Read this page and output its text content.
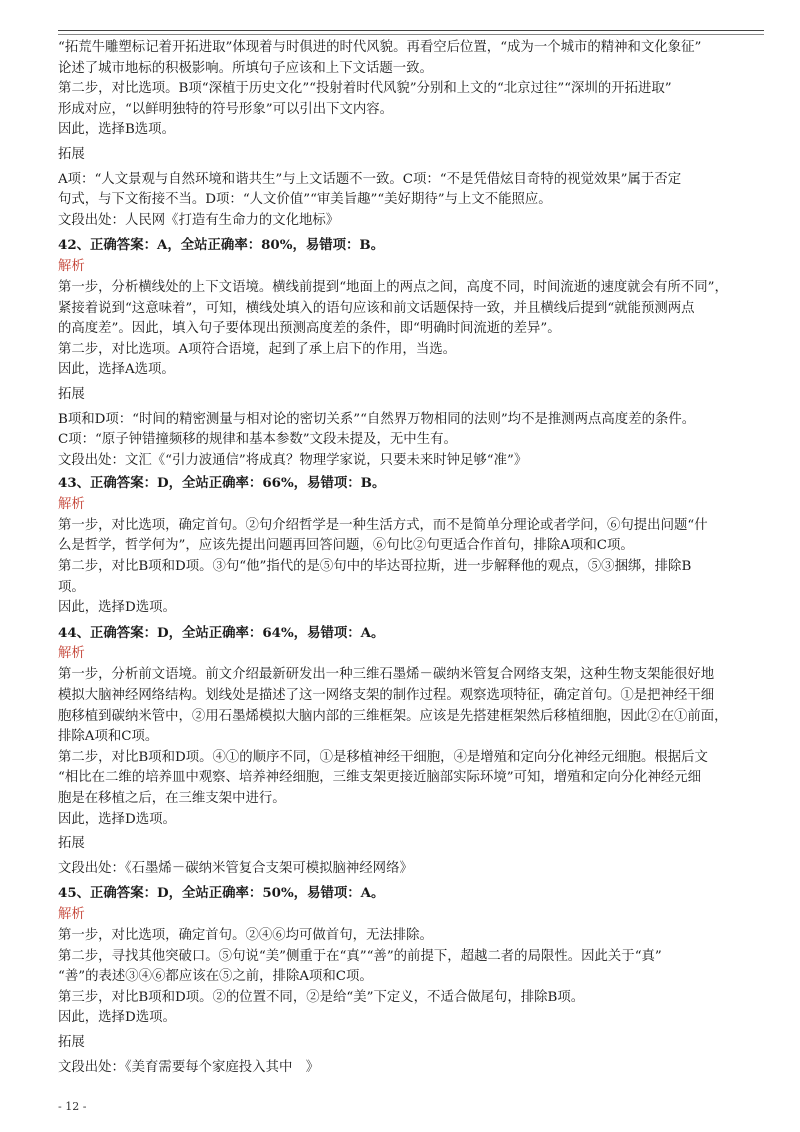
“拓荒牛雕塑标记着开拓进取”体现着与时俱进的时代风貌。再看空后位置，“成为一个城市的精神和文化象征”
论述了城市地标的积极影响。所填句子应该和上下文话题一致。
第二步，对比选项。B项“深植于历史文化”“投射着时代风貌”分别和上文的“北京过往”“深圳的开拓进取”
形成对应，“以鲜明独特的符号形象”可以引出下文内容。
因此，选择B选项。
拓展
A项：“人文景观与自然环境和谐共生”与上文话题不一致。C项：“不是凭借炫目奇特的视觉效果”属于否定
句式，与下文衔接不当。D项：“人文价值”“审美旨趣”“美好期待”与上文不能照应。
文段出处：人民网《打造有生命力的文化地标》
42、正确答案：A，全站正确率：80%，易错项：B。
解析
第一步，分析横线处的上下文语境。横线前提到“地面上的两点之间，高度不同，时间流逝的速度就会有所不同”，
紧接着说到“这意味着”，可知，横线处填入的语句应该和前文话题保持一致，并且横线后提到“就能预测两点
的高度差”。因此，填入句子要体现出预测高度差的条件，即“明确时间流逝的差异”。
第二步，对比选项。A项符合语境，起到了承上启下的作用，当选。
因此，选择A选项。
拓展
B项和D项：“时间的精密测量与相对论的密切关系”“自然界万物相同的法则”均不是推测两点高度差的条件。
C项：“原子钟错撞频移的规律和基本参数”文段未提及，无中生有。
文段出处：文汇《“引力波通信”将成真？物理学家说，只要未来时钟足够“准”》
43、正确答案：D，全站正确率：66%，易错项：B。
解析
第一步，对比选项，确定首句。②句介绍哲学是一种生活方式，而不是简单分理论或者学问，⑥句提出问题“什
么是哲学，哲学何为”，应该先提出问题再回答问题，⑥句比②句更适合作首句，排除A项和C项。
第二步，对比B项和D项。③句“他”指代的是⑤句中的毕达哥拉斯，进一步解释他的观点，⑤③捆绑，排除B
项。
因此，选择D选项。
44、正确答案：D，全站正确率：64%，易错项：A。
解析
第一步，分析前文语境。前文介绍最新研发出一种三维石墨烯－碳纳米管复合网络支架，这种生物支架能很好地
模拟大脑神经网络结构。划线处是描述了这一网络支架的制作过程。观察选项特征，确定首句。①是把神经干细
胞移植到碳纳米管中，②用石墨烯模拟大脑内部的三维框架。应该是先搭建框架然后移植细胞，因此②在①前面，
排除A项和C项。
第二步，对比B项和D项。④①的顺序不同，①是移植神经干细胞，④是增殖和定向分化神经元细胞。根据后文
“相比在二维的培养皿中观察、培养神经细胞，三维支架更接近脑部实际环境”可知，增殖和定向分化神经元细
胞是在移植之后，在三维支架中进行。
因此，选择D选项。
拓展
文段出处：《石墨烯－碳纳米管复合支架可模拟脑神经网络》
45、正确答案：D，全站正确率：50%，易错项：A。
解析
第一步，对比选项，确定首句。②④⑥均可做首句，无法排除。
第二步，寻找其他突破口。⑤句说“美”侧重于在“真”“善”的前提下，超越二者的局限性。因此关于“真”
“善”的表述③④⑥都应该在⑤之前，排除A项和C项。
第三步，对比B项和D项。②的位置不同，②是给“美”下定义，不适合做尾句，排除B项。
因此，选择D选项。
拓展
文段出处：《美育需要每个家庭投入其中　》
- 12 -
